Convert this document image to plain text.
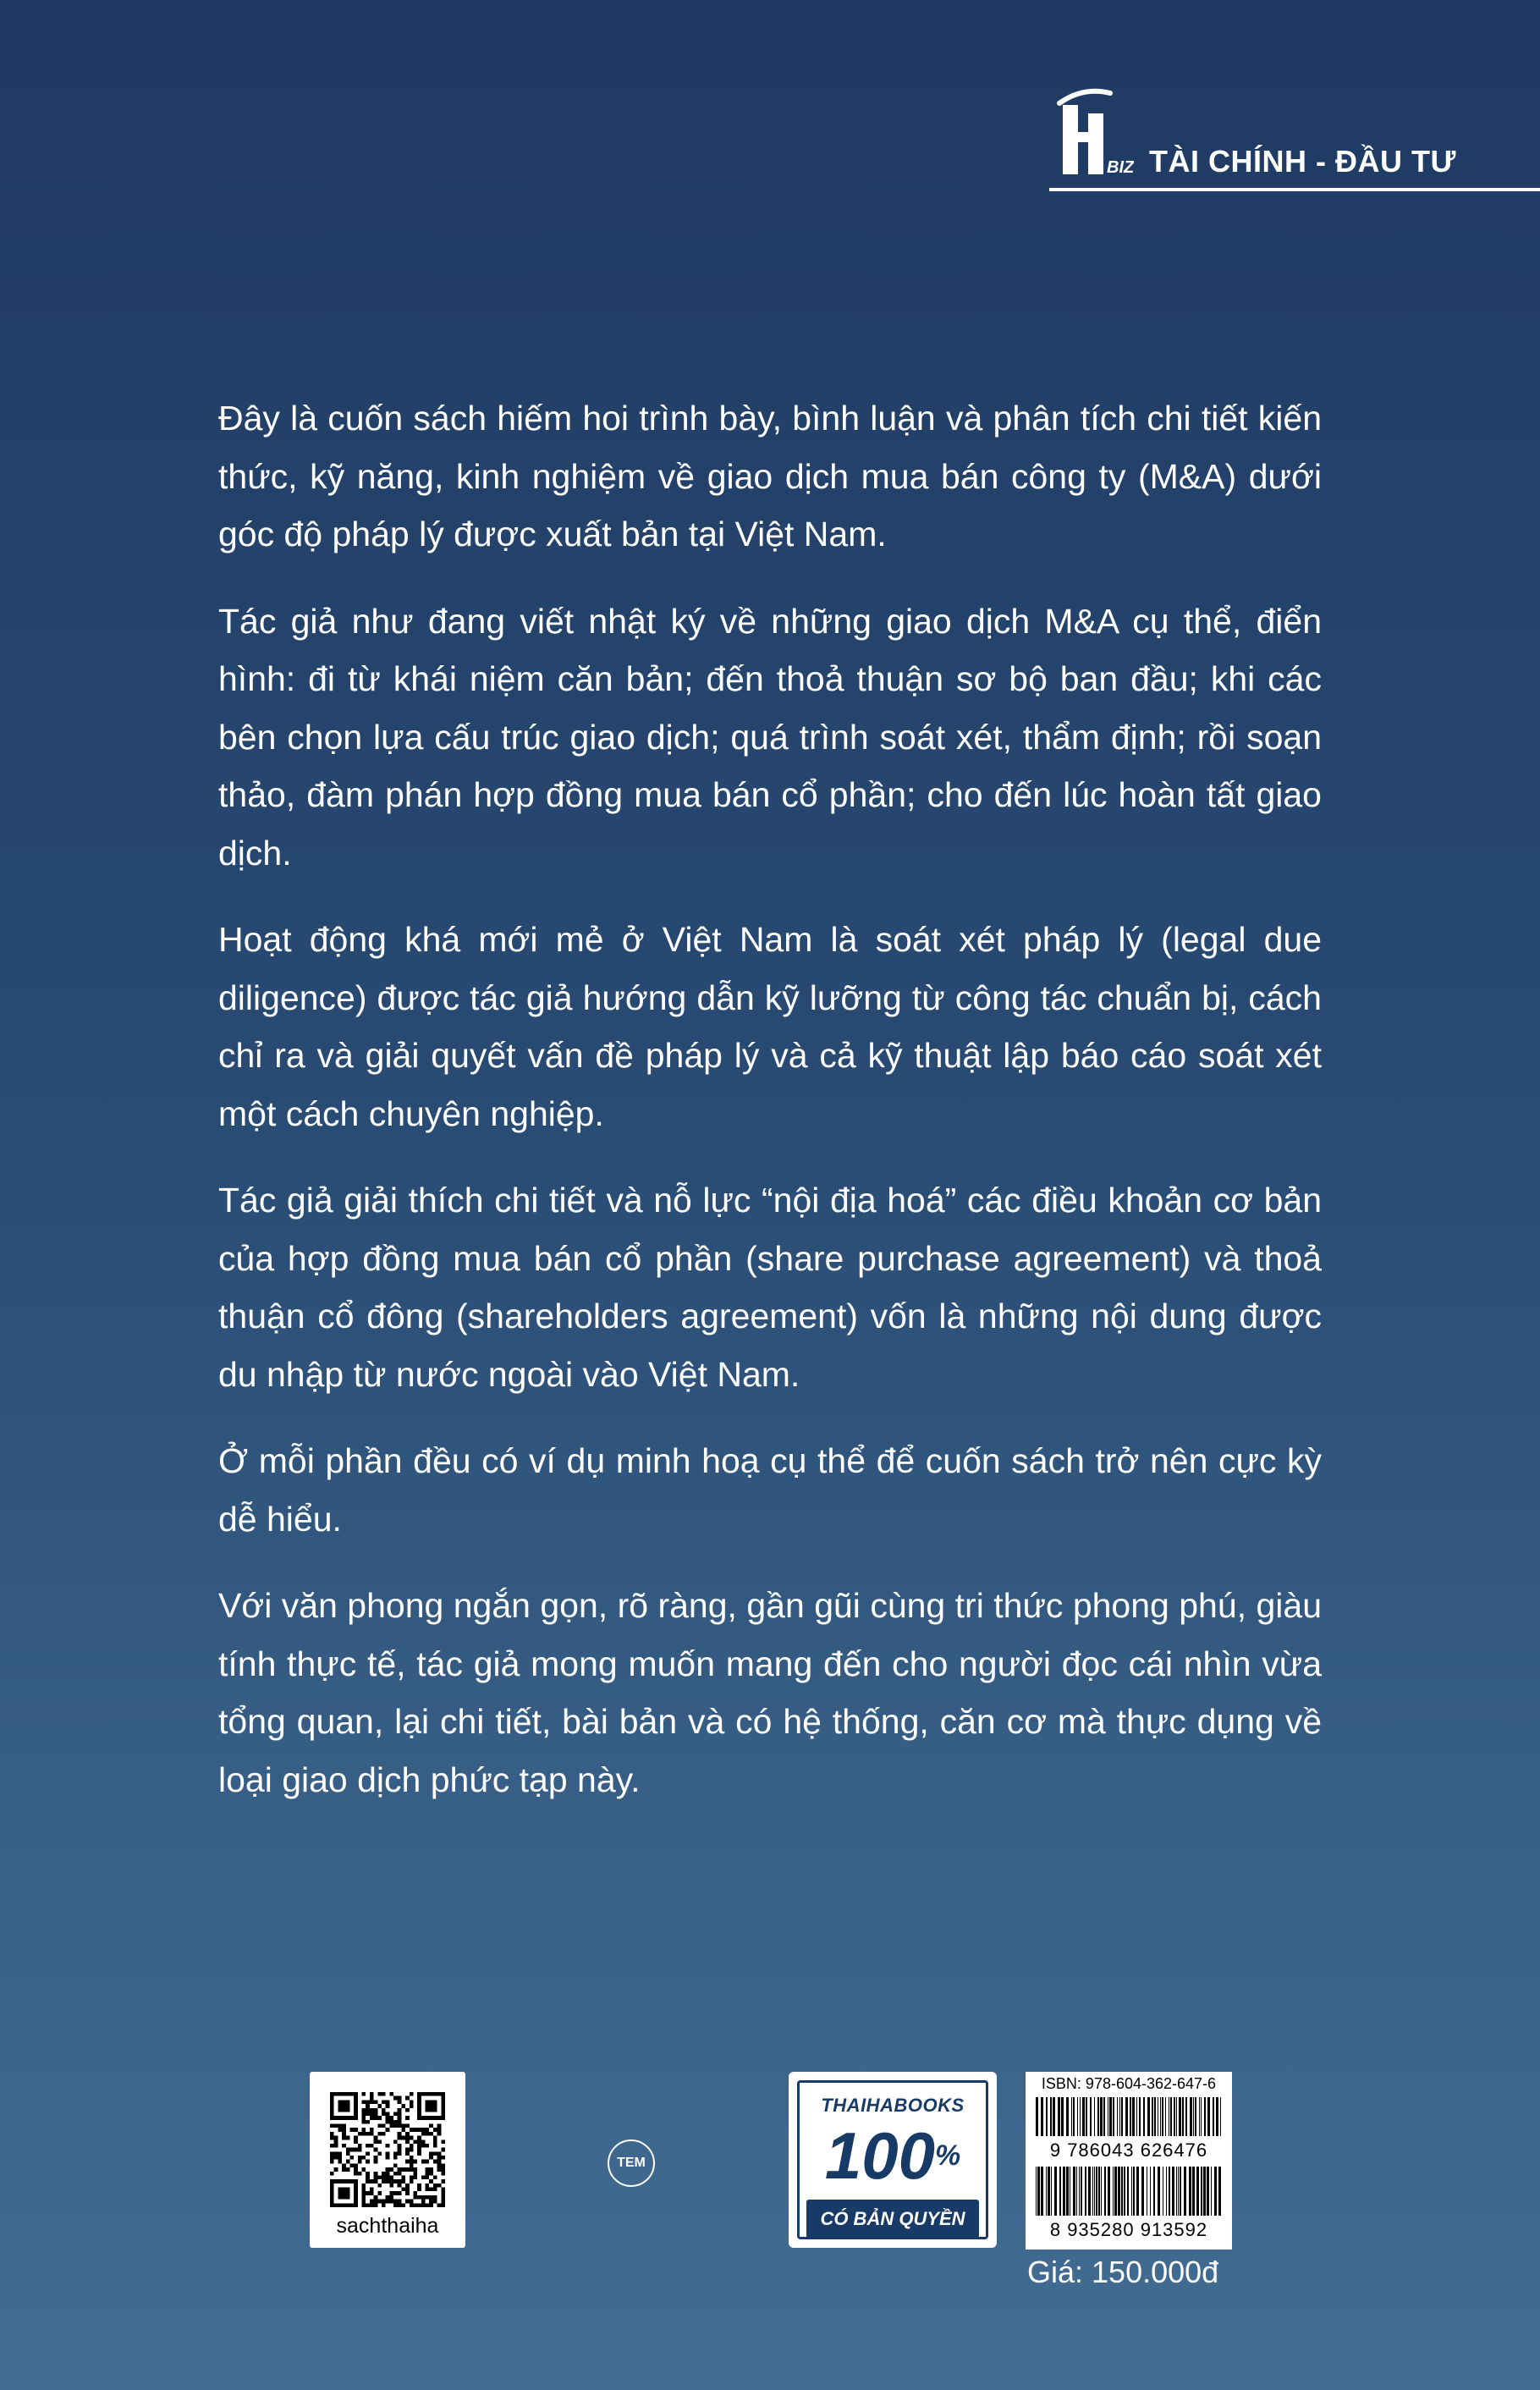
BIZ TÀI CHÍNH - ĐẦU TƯ

Đây là cuốn sách hiếm hoi trình bày, bình luận và phân tích chi tiết kiến thức, kỹ năng, kinh nghiệm về giao dịch mua bán công ty (M&A) dưới góc độ pháp lý được xuất bản tại Việt Nam.

Tác giả như đang viết nhật ký về những giao dịch M&A cụ thể, điển hình: đi từ khái niệm căn bản; đến thoả thuận sơ bộ ban đầu; khi các bên chọn lựa cấu trúc giao dịch; quá trình soát xét, thẩm định; rồi soạn thảo, đàm phán hợp đồng mua bán cổ phần; cho đến lúc hoàn tất giao dịch.

Hoạt động khá mới mẻ ở Việt Nam là soát xét pháp lý (legal due diligence) được tác giả hướng dẫn kỹ lưỡng từ công tác chuẩn bị, cách chỉ ra và giải quyết vấn đề pháp lý và cả kỹ thuật lập báo cáo soát xét một cách chuyên nghiệp.

Tác giả giải thích chi tiết và nỗ lực “nội địa hoá” các điều khoản cơ bản của hợp đồng mua bán cổ phần (share purchase agreement) và thoả thuận cổ đông (shareholders agreement) vốn là những nội dung được du nhập từ nước ngoài vào Việt Nam.

Ở mỗi phần đều có ví dụ minh hoạ cụ thể để cuốn sách trở nên cực kỳ dễ hiểu.

Với văn phong ngắn gọn, rõ ràng, gần gũi cùng tri thức phong phú, giàu tính thực tế, tác giả mong muốn mang đến cho người đọc cái nhìn vừa tổng quan, lại chi tiết, bài bản và có hệ thống, căn cơ mà thực dụng về loại giao dịch phức tạp này.

sachthaiha
TEM
THAIHABOOKS
100%
CÓ BẢN QUYỀN
ISBN: 978-604-362-647-6
9 786043 626476
8 935280 913592
Giá: 150.000đ
